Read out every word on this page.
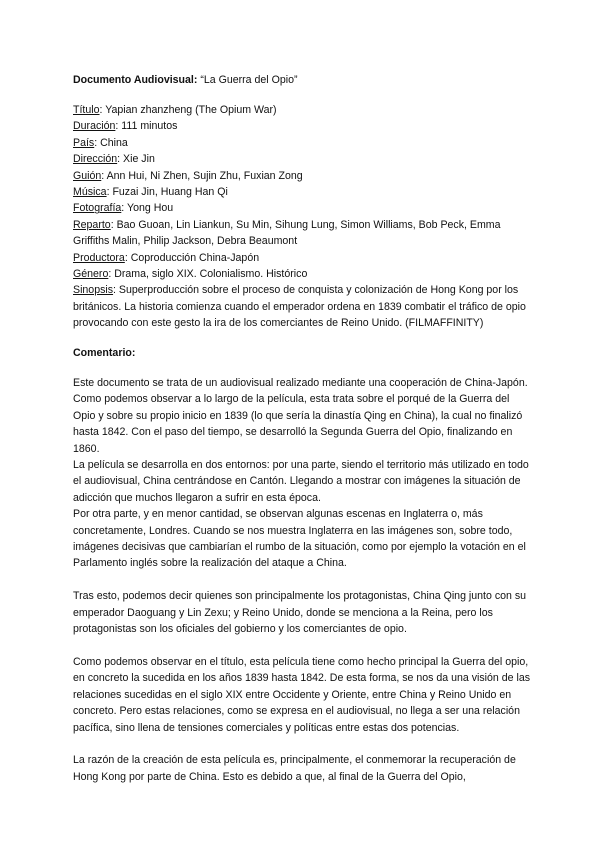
Documento Audiovisual: “La Guerra del Opio”
Título: Yapian zhanzheng (The Opium War)
Duración: 111 minutos
País: China
Dirección: Xie Jin
Guión: Ann Hui, Ni Zhen, Sujin Zhu, Fuxian Zong
Música: Fuzai Jin, Huang Han Qi
Fotografía: Yong Hou
Reparto: Bao Guoan, Lin Liankun, Su Min, Sihung Lung, Simon Williams, Bob Peck, Emma Griffiths Malin, Philip Jackson, Debra Beaumont
Productora: Coproducción China-Japón
Género: Drama, siglo XIX. Colonialismo. Histórico
Sinopsis: Superproducción sobre el proceso de conquista y colonización de Hong Kong por los británicos. La historia comienza cuando el emperador ordena en 1839 combatir el tráfico de opio provocando con este gesto la ira de los comerciantes de Reino Unido. (FILMAFFINITY)
Comentario:

Este documento se trata de un audiovisual realizado mediante una cooperación de China-Japón. Como podemos observar a lo largo de la película, esta trata sobre el porqué de la Guerra del Opio y sobre su propio inicio en 1839 (lo que sería la dinastía Qing en China), la cual no finalizó hasta 1842. Con el paso del tiempo, se desarrolló la Segunda Guerra del Opio, finalizando en 1860.
La película se desarrolla en dos entornos: por una parte, siendo el territorio más utilizado en todo el audiovisual, China centrándose en Cantón. Llegando a mostrar con imágenes la situación de adicción que muchos llegaron a sufrir en esta época.
Por otra parte, y en menor cantidad, se observan algunas escenas en Inglaterra o, más concretamente, Londres. Cuando se nos muestra Inglaterra en las imágenes son, sobre todo, imágenes decisivas que cambiarían el rumbo de la situación, como por ejemplo la votación en el Parlamento inglés sobre la realización del ataque a China.

Tras esto, podemos decir quienes son principalmente los protagonistas, China Qing junto con su emperador Daoguang y Lin Zexu; y Reino Unido, donde se menciona a la Reina, pero los protagonistas son los oficiales del gobierno y los comerciantes de opio.

Como podemos observar en el título, esta película tiene como hecho principal la Guerra del opio, en concreto la sucedida en los años 1839 hasta 1842. De esta forma, se nos da una visión de las relaciones sucedidas en el siglo XIX entre Occidente y Oriente, entre China y Reino Unido en concreto. Pero estas relaciones, como se expresa en el audiovisual, no llega a ser una relación pacífica, sino llena de tensiones comerciales y políticas entre estas dos potencias.

La razón de la creación de esta película es, principalmente, el conmemorar la recuperación de Hong Kong por parte de China. Esto es debido a que, al final de la Guerra del Opio,
